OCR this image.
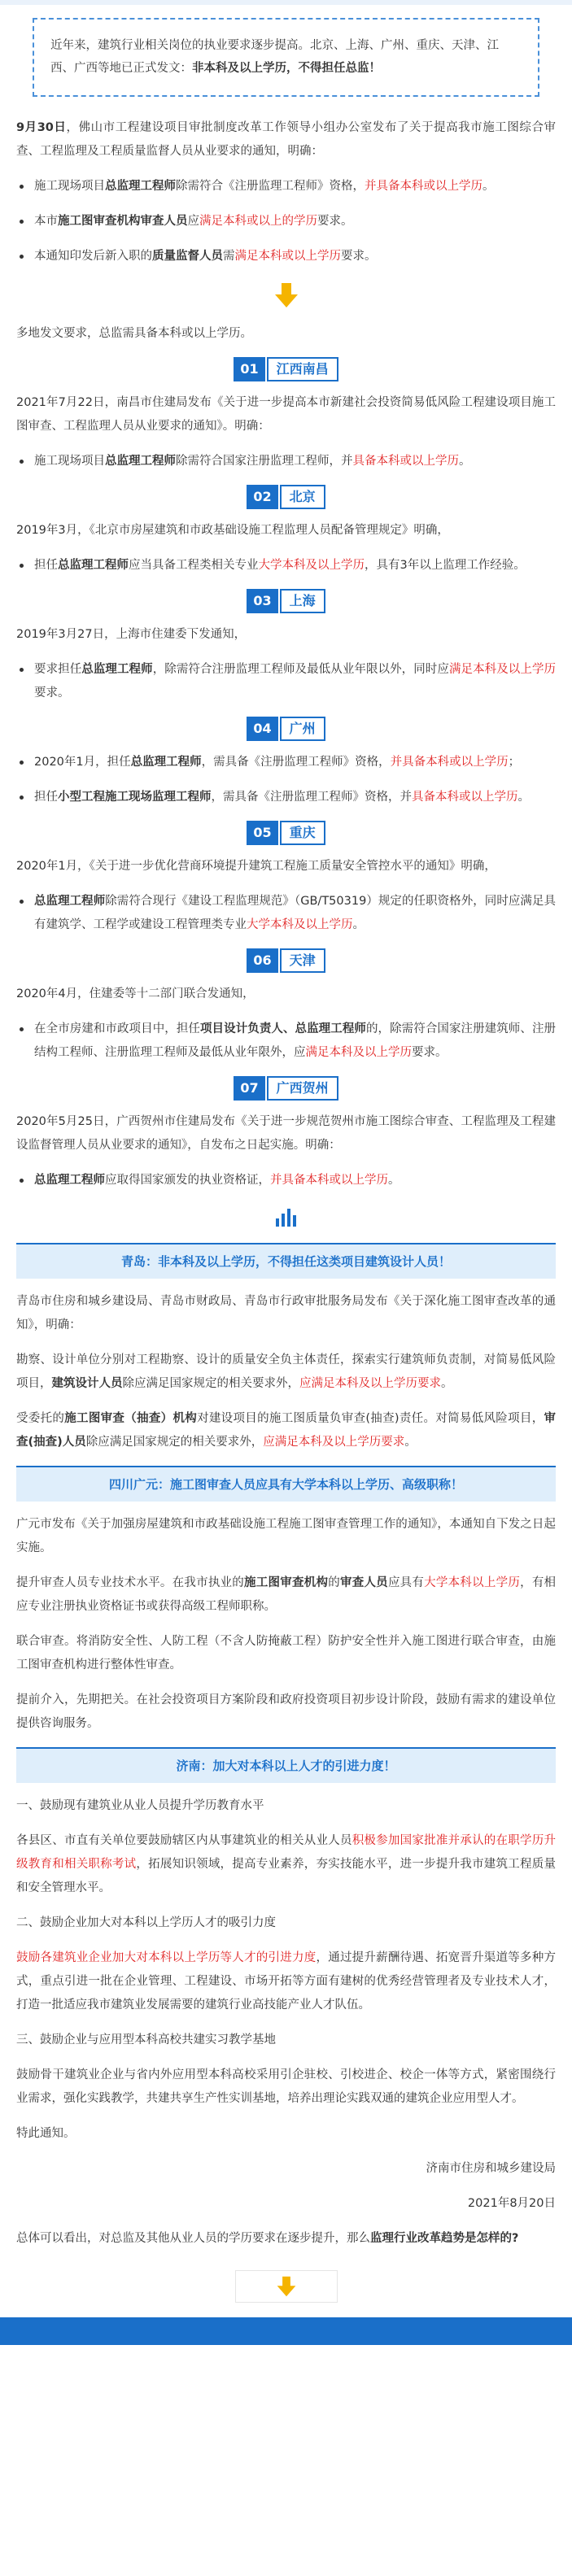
近年来，建筑行业相关岗位的执业要求逐步提高。北京、上海、广州、重庆、天津、江西、广西等地已正式发文：非本科及以上学历，不得担任总监！

9月30日，佛山市工程建设项目审批制度改革工作领导小组办公室发布了关于提高我市施工图综合审查、工程监理及工程质量监督人员从业要求的通知，明确：

施工现场项目总监理工程师除需符合《注册监理工程师》资格，并具备本科或以上学历。
本市施工图审查机构审查人员应满足本科或以上的学历要求。
本通知印发后新入职的质量监督人员需满足本科或以上学历要求。

多地发文要求，总监需具备本科或以上学历。

01	江西南昌

2021年7月22日，南昌市住建局发布《关于进一步提高本市新建社会投资简易低风险工程建设项目施工图审查、工程监理人员从业要求的通知》。明确：

施工现场项目总监理工程师除需符合国家注册监理工程师，并具备本科或以上学历。
02	北京

2019年3月，《北京市房屋建筑和市政基础设施工程监理人员配备管理规定》明确，

担任总监理工程师应当具备工程类相关专业大学本科及以上学历，具有3年以上监理工作经验。
03	上海

2019年3月27日，上海市住建委下发通知，

要求担任总监理工程师，除需符合注册监理工程师及最低从业年限以外，同时应满足本科及以上学历要求。
04	广州
2020年1月，担任总监理工程师，需具备《注册监理工程师》资格，并具备本科或以上学历；
担任小型工程施工现场监理工程师，需具备《注册监理工程师》资格，并具备本科或以上学历。
05	重庆

2020年1月，《关于进一步优化营商环境提升建筑工程施工质量安全管控水平的通知》明确，

总监理工程师除需符合现行《建设工程监理规范》（GB/T50319）规定的任职资格外，同时应满足具有建筑学、工程学或建设工程管理类专业大学本科及以上学历。
06	天津

2020年4月，住建委等十二部门联合发通知，

在全市房建和市政项目中，担任项目设计负责人、总监理工程师的，除需符合国家注册建筑师、注册结构工程师、注册监理工程师及最低从业年限外，应满足本科及以上学历要求。
07	广西贺州

2020年5月25日，广西贺州市住建局发布《关于进一步规范贺州市施工图综合审查、工程监理及工程建设监督管理人员从业要求的通知》，自发布之日起实施。明确：

总监理工程师应取得国家颁发的执业资格证，并具备本科或以上学历。
青岛：非本科及以上学历，不得担任这类项目建筑设计人员！

青岛市住房和城乡建设局、青岛市财政局、青岛市行政审批服务局发布《关于深化施工图审查改革的通知》，明确：

勘察、设计单位分别对工程勘察、设计的质量安全负主体责任，探索实行建筑师负责制，对简易低风险项目，建筑设计人员除应满足国家规定的相关要求外，应满足本科及以上学历要求。

受委托的施工图审查（抽查）机构对建设项目的施工图质量负审查(抽查)责任。对简易低风险项目，审查(抽查)人员除应满足国家规定的相关要求外，应满足本科及以上学历要求。

四川广元：施工图审查人员应具有大学本科以上学历、高级职称！

广元市发布《关于加强房屋建筑和市政基础设施工程施工图审查管理工作的通知》，本通知自下发之日起实施。

提升审查人员专业技术水平。在我市执业的施工图审查机构的审查人员应具有大学本科以上学历，有相应专业注册执业资格证书或获得高级工程师职称。

联合审查。将消防安全性、人防工程（不含人防掩蔽工程）防护安全性并入施工图进行联合审查，由施工图审查机构进行整体性审查。

提前介入，先期把关。在社会投资项目方案阶段和政府投资项目初步设计阶段，鼓励有需求的建设单位提供咨询服务。

济南：加大对本科以上人才的引进力度！

一、鼓励现有建筑业从业人员提升学历教育水平

各县区、市直有关单位要鼓励辖区内从事建筑业的相关从业人员积极参加国家批准并承认的在职学历升级教育和相关职称考试，拓展知识领域，提高专业素养，夯实技能水平，进一步提升我市建筑工程质量和安全管理水平。

二、鼓励企业加大对本科以上学历人才的吸引力度

鼓励各建筑业企业加大对本科以上学历等人才的引进力度，通过提升薪酬待遇、拓宽晋升渠道等多种方式，重点引进一批在企业管理、工程建设、市场开拓等方面有建树的优秀经营管理者及专业技术人才，打造一批适应我市建筑业发展需要的建筑行业高技能产业人才队伍。

三、鼓励企业与应用型本科高校共建实习教学基地

鼓励骨干建筑业企业与省内外应用型本科高校采用引企驻校、引校进企、校企一体等方式，紧密围绕行业需求，强化实践教学，共建共享生产性实训基地，培养出理论实践双通的建筑企业应用型人才。

特此通知。

济南市住房和城乡建设局

2021年8月20日

总体可以看出，对总监及其他从业人员的学历要求在逐步提升，那么监理行业改革趋势是怎样的?
